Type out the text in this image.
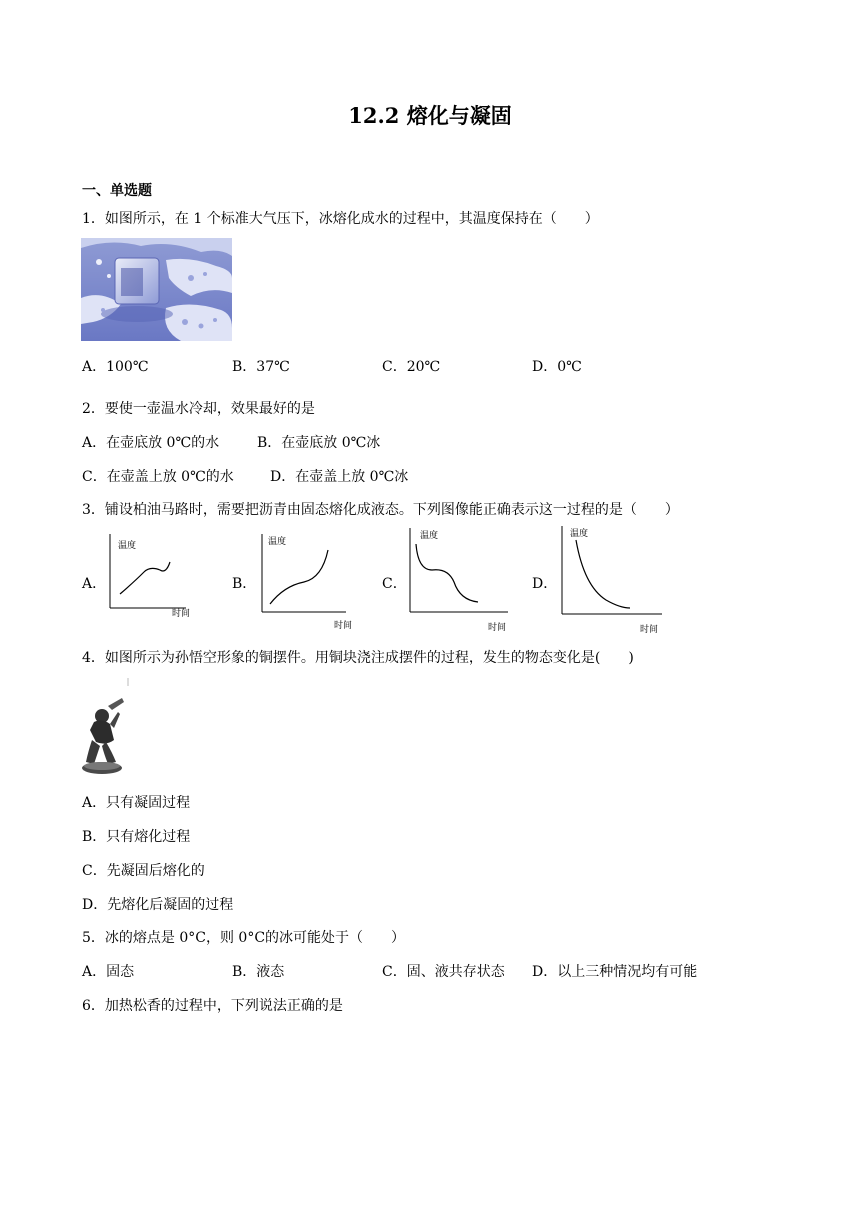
12.2 熔化与凝固
一、单选题
1．如图所示，在 1 个标准大气压下，冰熔化成水的过程中，其温度保持在（　　）
A．100℃	B．37℃	C．20℃	D．0℃
2．要使一壶温水冷却，效果最好的是
A．在壶底放 0℃的水	B．在壶底放 0℃冰
C．在壶盖上放 0℃的水	D．在壶盖上放 0℃冰
3．铺设柏油马路时，需要把沥青由固态熔化成液态。下列图像能正确表示这一过程的是（　　）
A．
温度
时间
B．
温度
时间
C．
温度
时间
D．
温度
时间
4．如图所示为孙悟空形象的铜摆件。用铜块浇注成摆件的过程，发生的物态变化是(　　)
A．只有凝固过程
B．只有熔化过程
C．先凝固后熔化的
D．先熔化后凝固的过程
5．冰的熔点是 0°C，则 0°C的冰可能处于（　　）
A．固态	B．液态	C．固、液共存状态 D．以上三种情况均有可能
6．加热松香的过程中，下列说法正确的是
